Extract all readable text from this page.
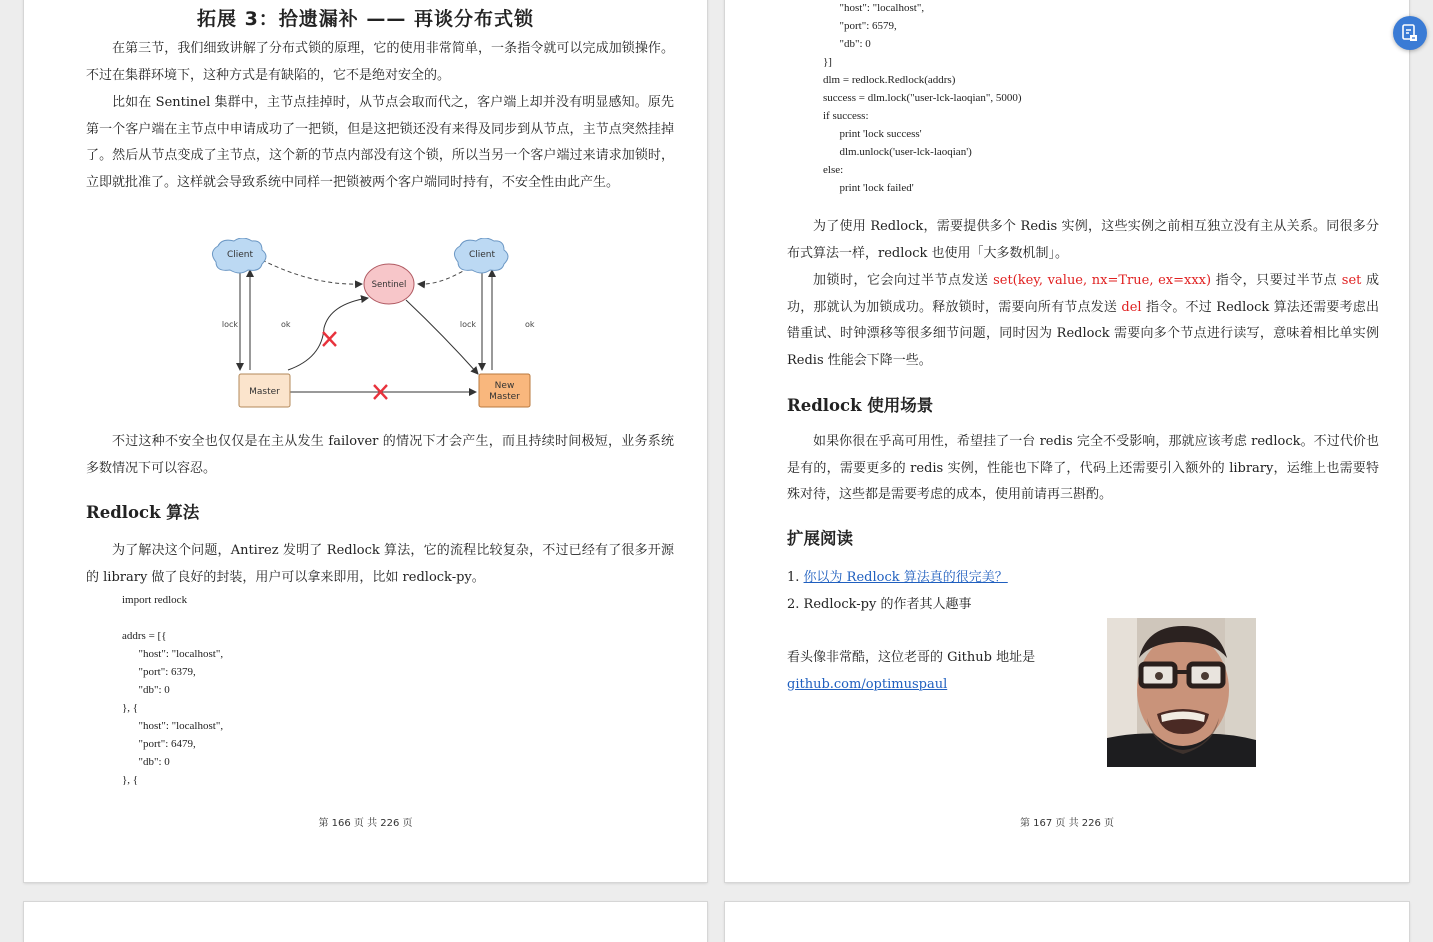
拓展 3：拾遗漏补 —— 再谈分布式锁

在第三节，我们细致讲解了分布式锁的原理，它的使用非常简单，一条指令就可以完成加锁操作。不过在集群环境下，这种方式是有缺陷的，它不是绝对安全的。

比如在 Sentinel 集群中，主节点挂掉时，从节点会取而代之，客户端上却并没有明显感知。原先第一个客户端在主节点中申请成功了一把锁，但是这把锁还没有来得及同步到从节点，主节点突然挂掉了。然后从节点变成了主节点，这个新的节点内部没有这个锁，所以当另一个客户端过来请求加锁时，立即就批准了。这样就会导致系统中同样一把锁被两个客户端同时持有，不安全性由此产生。

Client	Client
Sentinel
Master
New
Master
lock	ok	lock	ok

不过这种不安全也仅仅是在主从发生 failover 的情况下才会产生，而且持续时间极短，业务系统多数情况下可以容忍。

Redlock 算法

为了解决这个问题，Antirez 发明了 Redlock 算法，它的流程比较复杂，不过已经有了很多开源的 library 做了良好的封装，用户可以拿来即用，比如 redlock-py。

import redlock

addrs = [{
"host": "localhost",
"port": 6379,
"db": 0
}, {
"host": "localhost",
"port": 6479,
"db": 0
}, {
第 166 页 共 226 页
"host": "localhost",
"port": 6579,
"db": 0
}]
dlm = redlock.Redlock(addrs)
success = dlm.lock("user-lck-laoqian", 5000)
if success:
print 'lock success'
dlm.unlock('user-lck-laoqian')
else:
print 'lock failed'

为了使用 Redlock，需要提供多个 Redis 实例，这些实例之前相互独立没有主从关系。同很多分布式算法一样，redlock 也使用「大多数机制」。

加锁时，它会向过半节点发送 set(key, value, nx=True, ex=xxx) 指令，只要过半节点 set 成功，那就认为加锁成功。释放锁时，需要向所有节点发送 del 指令。不过 Redlock 算法还需要考虑出错重试、时钟漂移等很多细节问题，同时因为 Redlock 需要向多个节点进行读写，意味着相比单实例 Redis 性能会下降一些。

Redlock 使用场景

如果你很在乎高可用性，希望挂了一台 redis 完全不受影响，那就应该考虑 redlock。不过代价也是有的，需要更多的 redis 实例，性能也下降了，代码上还需要引入额外的 library，运维上也需要特殊对待，这些都是需要考虑的成本，使用前请再三斟酌。

扩展阅读

1. 你以为 Redlock 算法真的很完美？

2. Redlock-py 的作者其人趣事

看头像非常酷，这位老哥的 Github 地址是

github.com/optimuspaul

第 167 页 共 226 页
